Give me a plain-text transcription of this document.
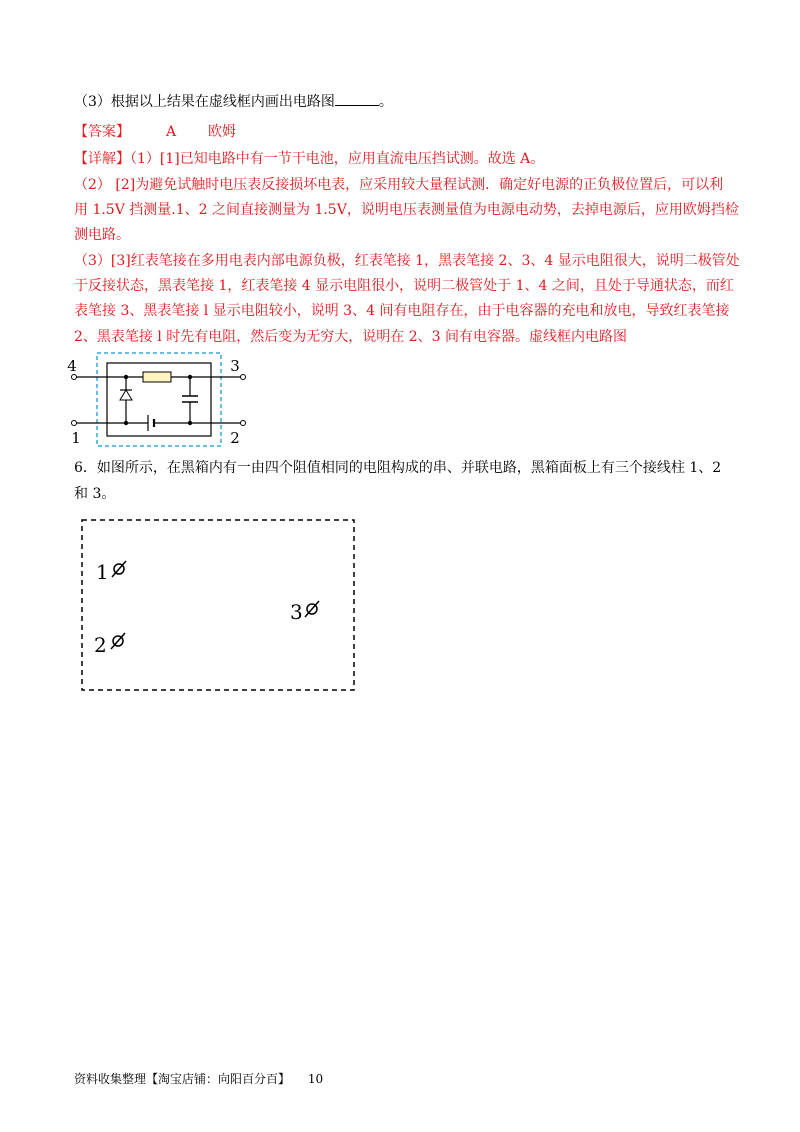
（3）根据以上结果在虚线框内画出电路图	。
【答案】	A 欧姆
【详解】（1）[1]已知电路中有一节干电池，应用直流电压挡试测。故选 A。
（2） [2]为避免试触时电压表反接损坏电表，应采用较大量程试测．确定好电源的正负极位置后，可以利
用 1.5V 挡测量.1、2 之间直接测量为 1.5V，说明电压表测量值为电源电动势，去掉电源后，应用欧姆挡检
测电路。
（3）[3]红表笔接在多用电表内部电源负极，红表笔接 1，黑表笔接 2、3、4 显示电阻很大，说明二极管处
于反接状态，黑表笔接 1，红表笔接 4 显示电阻很小，说明二极管处于 1、4 之间，且处于导通状态，而红
表笔接 3、黑表笔接 l 显示电阻较小，说明 3、4 间有电阻存在，由于电容器的充电和放电，导致红表笔接
2、黑表笔接 l 时先有电阻，然后变为无穷大，说明在 2、3 间有电容器。虚线框内电路图
4	3
1	2
6．如图所示，在黑箱内有一由四个阻值相同的电阻构成的串、并联电路，黑箱面板上有三个接线柱 1、2
和 3。
1
3
2
资料收集整理【淘宝店铺：向阳百分百】 10
